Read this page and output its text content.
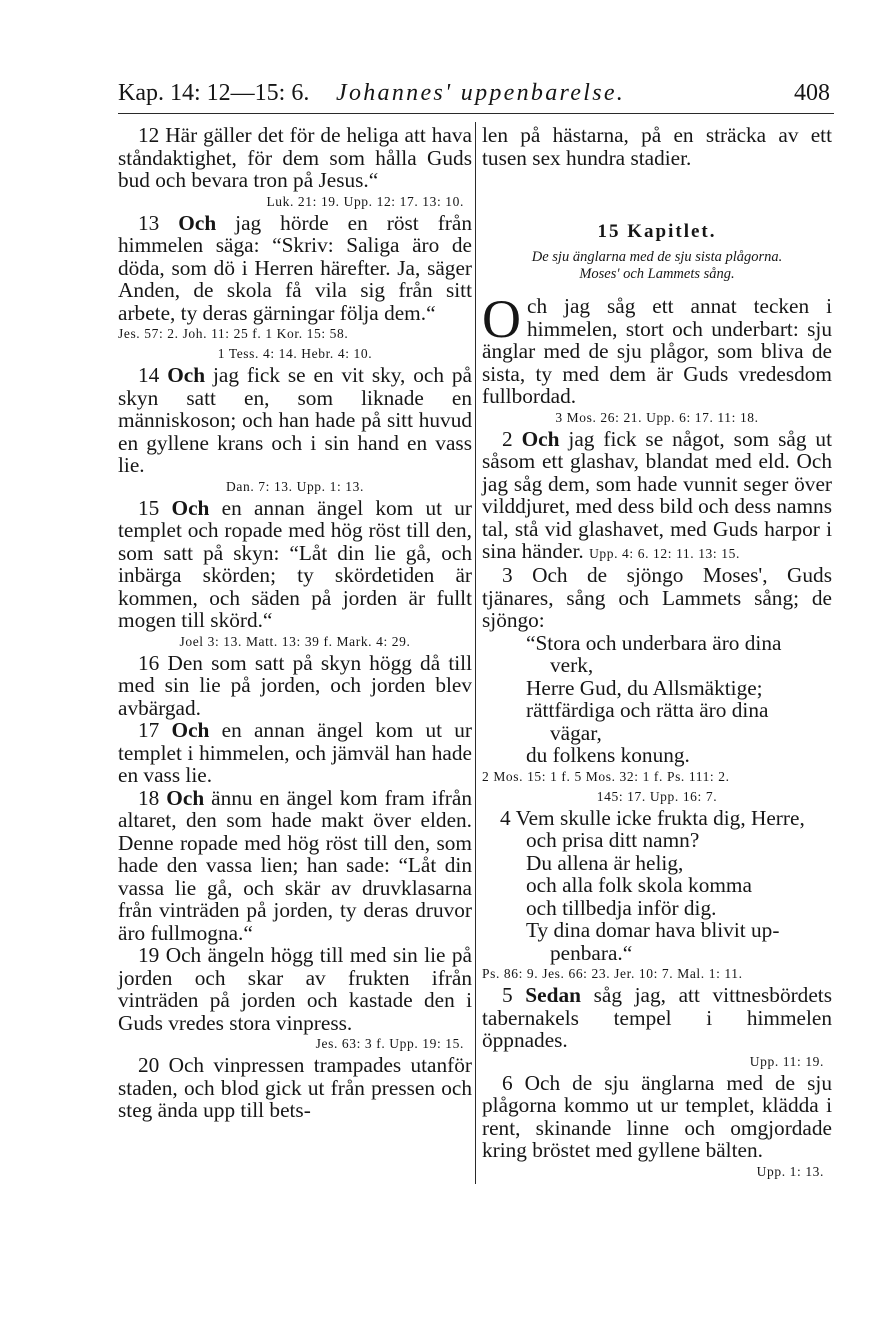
Kap. 14: 12—15: 6. Johannes' uppenbarelse.	408

12 Här gäller det för de heliga att hava ståndaktighet, för dem som hålla Guds bud och bevara tron på Jesus.“

Luk. 21: 19. Upp. 12: 17. 13: 10.

13 Och jag hörde en röst från himmelen säga: “Skriv: Saliga äro de döda, som dö i Herren härefter. Ja, säger Anden, de skola få vila sig från sitt arbete, ty deras gärningar följa dem.“

Jes. 57: 2. Joh. 11: 25 f. 1 Kor. 15: 58.

1 Tess. 4: 14. Hebr. 4: 10.

14 Och jag fick se en vit sky, och på skyn satt en, som liknade en människoson; och han hade på sitt huvud en gyllene krans och i sin hand en vass lie.

Dan. 7: 13. Upp. 1: 13.

15 Och en annan ängel kom ut ur templet och ropade med hög röst till den, som satt på skyn: “Låt din lie gå, och inbärga skörden; ty skördetiden är kommen, och säden på jorden är fullt mogen till skörd.“

Joel 3: 13. Matt. 13: 39 f. Mark. 4: 29.

16 Den som satt på skyn högg då till med sin lie på jorden, och jorden blev avbärgad.

17 Och en annan ängel kom ut ur templet i himmelen, och jämväl han hade en vass lie.

18 Och ännu en ängel kom fram ifrån altaret, den som hade makt över elden. Denne ropade med hög röst till den, som hade den vassa lien; han sade: “Låt din vassa lie gå, och skär av druvklasarna från vinträden på jorden, ty deras druvor äro fullmogna.“

19 Och ängeln högg till med sin lie på jorden och skar av frukten ifrån vinträden på jorden och kastade den i Guds vredes stora vinpress.

Jes. 63: 3 f. Upp. 19: 15.

20 Och vinpressen trampades utanför staden, och blod gick ut från pressen och steg ända upp till bets-

len på hästarna, på en sträcka av ett tusen sex hundra stadier.

15 Kapitlet.
De sju änglarna med de sju sista plågorna.
Moses' och Lammets sång.

Och jag såg ett annat tecken i himmelen, stort och underbart: sju änglar med de sju plågor, som bliva de sista, ty med dem är Guds vredesdom fullbordad.

3 Mos. 26: 21. Upp. 6: 17. 11: 18.

2 Och jag fick se något, som såg ut såsom ett glashav, blandat med eld. Och jag såg dem, som hade vunnit seger över vilddjuret, med dess bild och dess namns tal, stå vid glashavet, med Guds harpor i sina händer. Upp. 4: 6. 12: 11. 13: 15.

3 Och de sjöngo Moses', Guds tjänares, sång och Lammets sång; de sjöngo:

“Stora och underbara äro dina

verk,

Herre Gud, du Allsmäktige;

rättfärdiga och rätta äro dina

vägar,

du folkens konung.

2 Mos. 15: 1 f. 5 Mos. 32: 1 f. Ps. 111: 2.

145: 17. Upp. 16: 7.

4 Vem skulle icke frukta dig, Herre,

och prisa ditt namn?

Du allena är helig,

och alla folk skola komma

och tillbedja inför dig.

Ty dina domar hava blivit up-

penbara.“

Ps. 86: 9. Jes. 66: 23. Jer. 10: 7. Mal. 1: 11.

5 Sedan såg jag, att vittnesbördets tabernakels tempel i himmelen öppnades.

Upp. 11: 19.

6 Och de sju änglarna med de sju plågorna kommo ut ur templet, klädda i rent, skinande linne och omgjordade kring bröstet med gyllene bälten.

Upp. 1: 13.
